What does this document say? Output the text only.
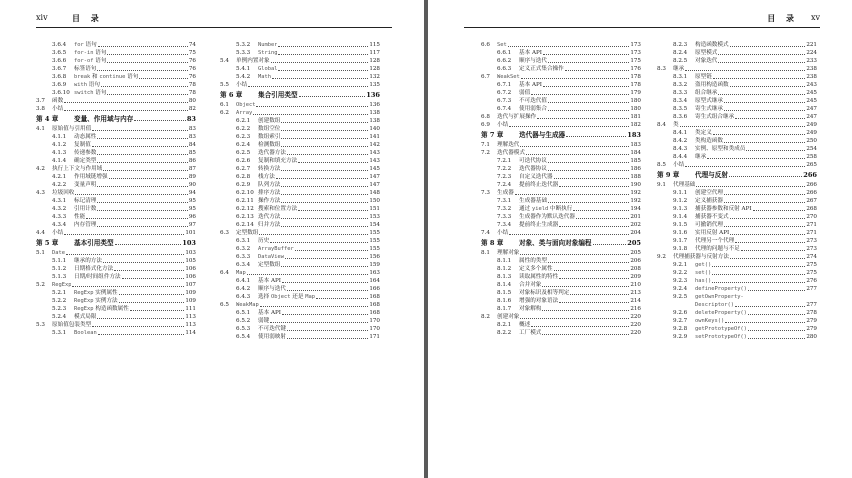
xiv	目 录
3.6.4	for 语句	74
3.6.5	for-in 语句	75
3.6.6	for-of 语句	76
3.6.7	标签语句	76
3.6.8	break 和 continue 语句	76
3.6.9	with 语句	78
3.6.10 switch 语句	78
3.7	函数	80
3.8	小结	82
第 4 章	变量、作用域与内存	83
4.1	原始值与引用值	83
4.1.1	动态属性	83
4.1.2	复制值	84
4.1.3	传递参数	85
4.1.4	确定类型	86
4.2	执行上下文与作用域	87
4.2.1	作用域链增强	89
4.2.2	变量声明	90
4.3	垃圾回收	94
4.3.1	标记清理	95
4.3.2	引用计数	95
4.3.3	性能	96
4.3.4	内存管理	97
4.4	小结	101
第 5 章	基本引用类型	103
5.1	Date	103
5.1.1	继承的方法	105
5.1.2	日期格式化方法	106
5.1.3	日期/时间组件方法	106
5.2	RegExp	107
5.2.1	RegExp 实例属性	109
5.2.2	RegExp 实例方法	109
5.2.3	RegExp 构造函数属性	111
5.2.4	模式局限	113
5.3	原始值包装类型	113
5.3.1	Boolean	114
5.3.2	Number	115
5.3.3	String	117
5.4	单例内置对象	128
5.4.1	Global	128
5.4.2	Math	132
5.5	小结	135
第 6 章	集合引用类型	136
6.1	Object	136
6.2	Array	138
6.2.1	创建数组	138
6.2.2	数组空位	140
6.2.3	数组索引	141
6.2.4	检测数组	142
6.2.5	迭代器方法	143
6.2.6	复制和填充方法	143
6.2.7	转换方法	145
6.2.8	栈方法	147
6.2.9	队列方法	147
6.2.10 排序方法	148
6.2.11 操作方法	150
6.2.12 搜索和位置方法	151
6.2.13 迭代方法	153
6.2.14 归并方法	154
6.3	定型数组	155
6.3.1	历史	155
6.3.2	ArrayBuffer	155
6.3.3	DataView	156
6.3.4	定型数组	159
6.4	Map	163
6.4.1	基本 API	164
6.4.2	顺序与迭代	166
6.4.3	选择 Object 还是 Map	168
6.5	WeakMap	168
6.5.1	基本 API	168
6.5.2	弱键	170
6.5.3	不可迭代键	170
6.5.4	使用弱映射	171
目 录 xv
6.6	Set	173
6.6.1	基本 API	173
6.6.2	顺序与迭代	175
6.6.3	定义正式集合操作	176
6.7	WeakSet	178
6.7.1	基本 API	178
6.7.2	弱值	179
6.7.3	不可迭代值	180
6.7.4	使用弱集合	180
6.8	迭代与扩展操作	181
6.9	小结	182
第 7 章	迭代器与生成器	183
7.1	理解迭代	183
7.2	迭代器模式	184
7.2.1	可迭代协议	185
7.2.2	迭代器协议	186
7.2.3	自定义迭代器	188
7.2.4	提前终止迭代器	190
7.3	生成器	192
7.3.1	生成器基础	192
7.3.2	通过 yield 中断执行	194
7.3.3	生成器作为默认迭代器	201
7.3.4	提前终止生成器	202
7.4	小结	204
第 8 章	对象、类与面向对象编程	205
8.1	理解对象	205
8.1.1	属性的类型	206
8.1.2	定义多个属性	208
8.1.3	读取属性的特性	209
8.1.4	合并对象	210
8.1.5	对象标识及相等判定	213
8.1.6	增强的对象语法	214
8.1.7	对象解构	216
8.2	创建对象	220
8.2.1	概述	220
8.2.2	工厂模式	220
8.2.3	构造函数模式	221
8.2.4	原型模式	224
8.2.5	对象迭代	233
8.3	继承	238
8.3.1	原型链	238
8.3.2	盗用构造函数	243
8.3.3	组合继承	245
8.3.4	原型式继承	245
8.3.5	寄生式继承	247
8.3.6	寄生式组合继承	247
8.4	类	249
8.4.1	类定义	249
8.4.2	类构造函数	250
8.4.3	实例、原型和类成员	254
8.4.4	继承	258
8.5	小结	265
第 9 章	代理与反射	266
9.1	代理基础	266
9.1.1	创建空代理	266
9.1.2	定义捕获器	267
9.1.3	捕获器参数和反射 API	268
9.1.4	捕获器不变式	270
9.1.5	可撤销代理	271
9.1.6	实用反射 API	271
9.1.7	代理另一个代理	273
9.1.8	代理的问题与不足	273
9.2	代理捕获器与反射方法	274
9.2.1	get()	275
9.2.2	set()	275
9.2.3	has()	276
9.2.4	defineProperty()	277
9.2.5	getOwnProperty-
Descriptor()	277
9.2.6	deleteProperty()	278
9.2.7	ownKeys()	279
9.2.8	getPrototypeOf()	279
9.2.9	setPrototypeOf()	280
